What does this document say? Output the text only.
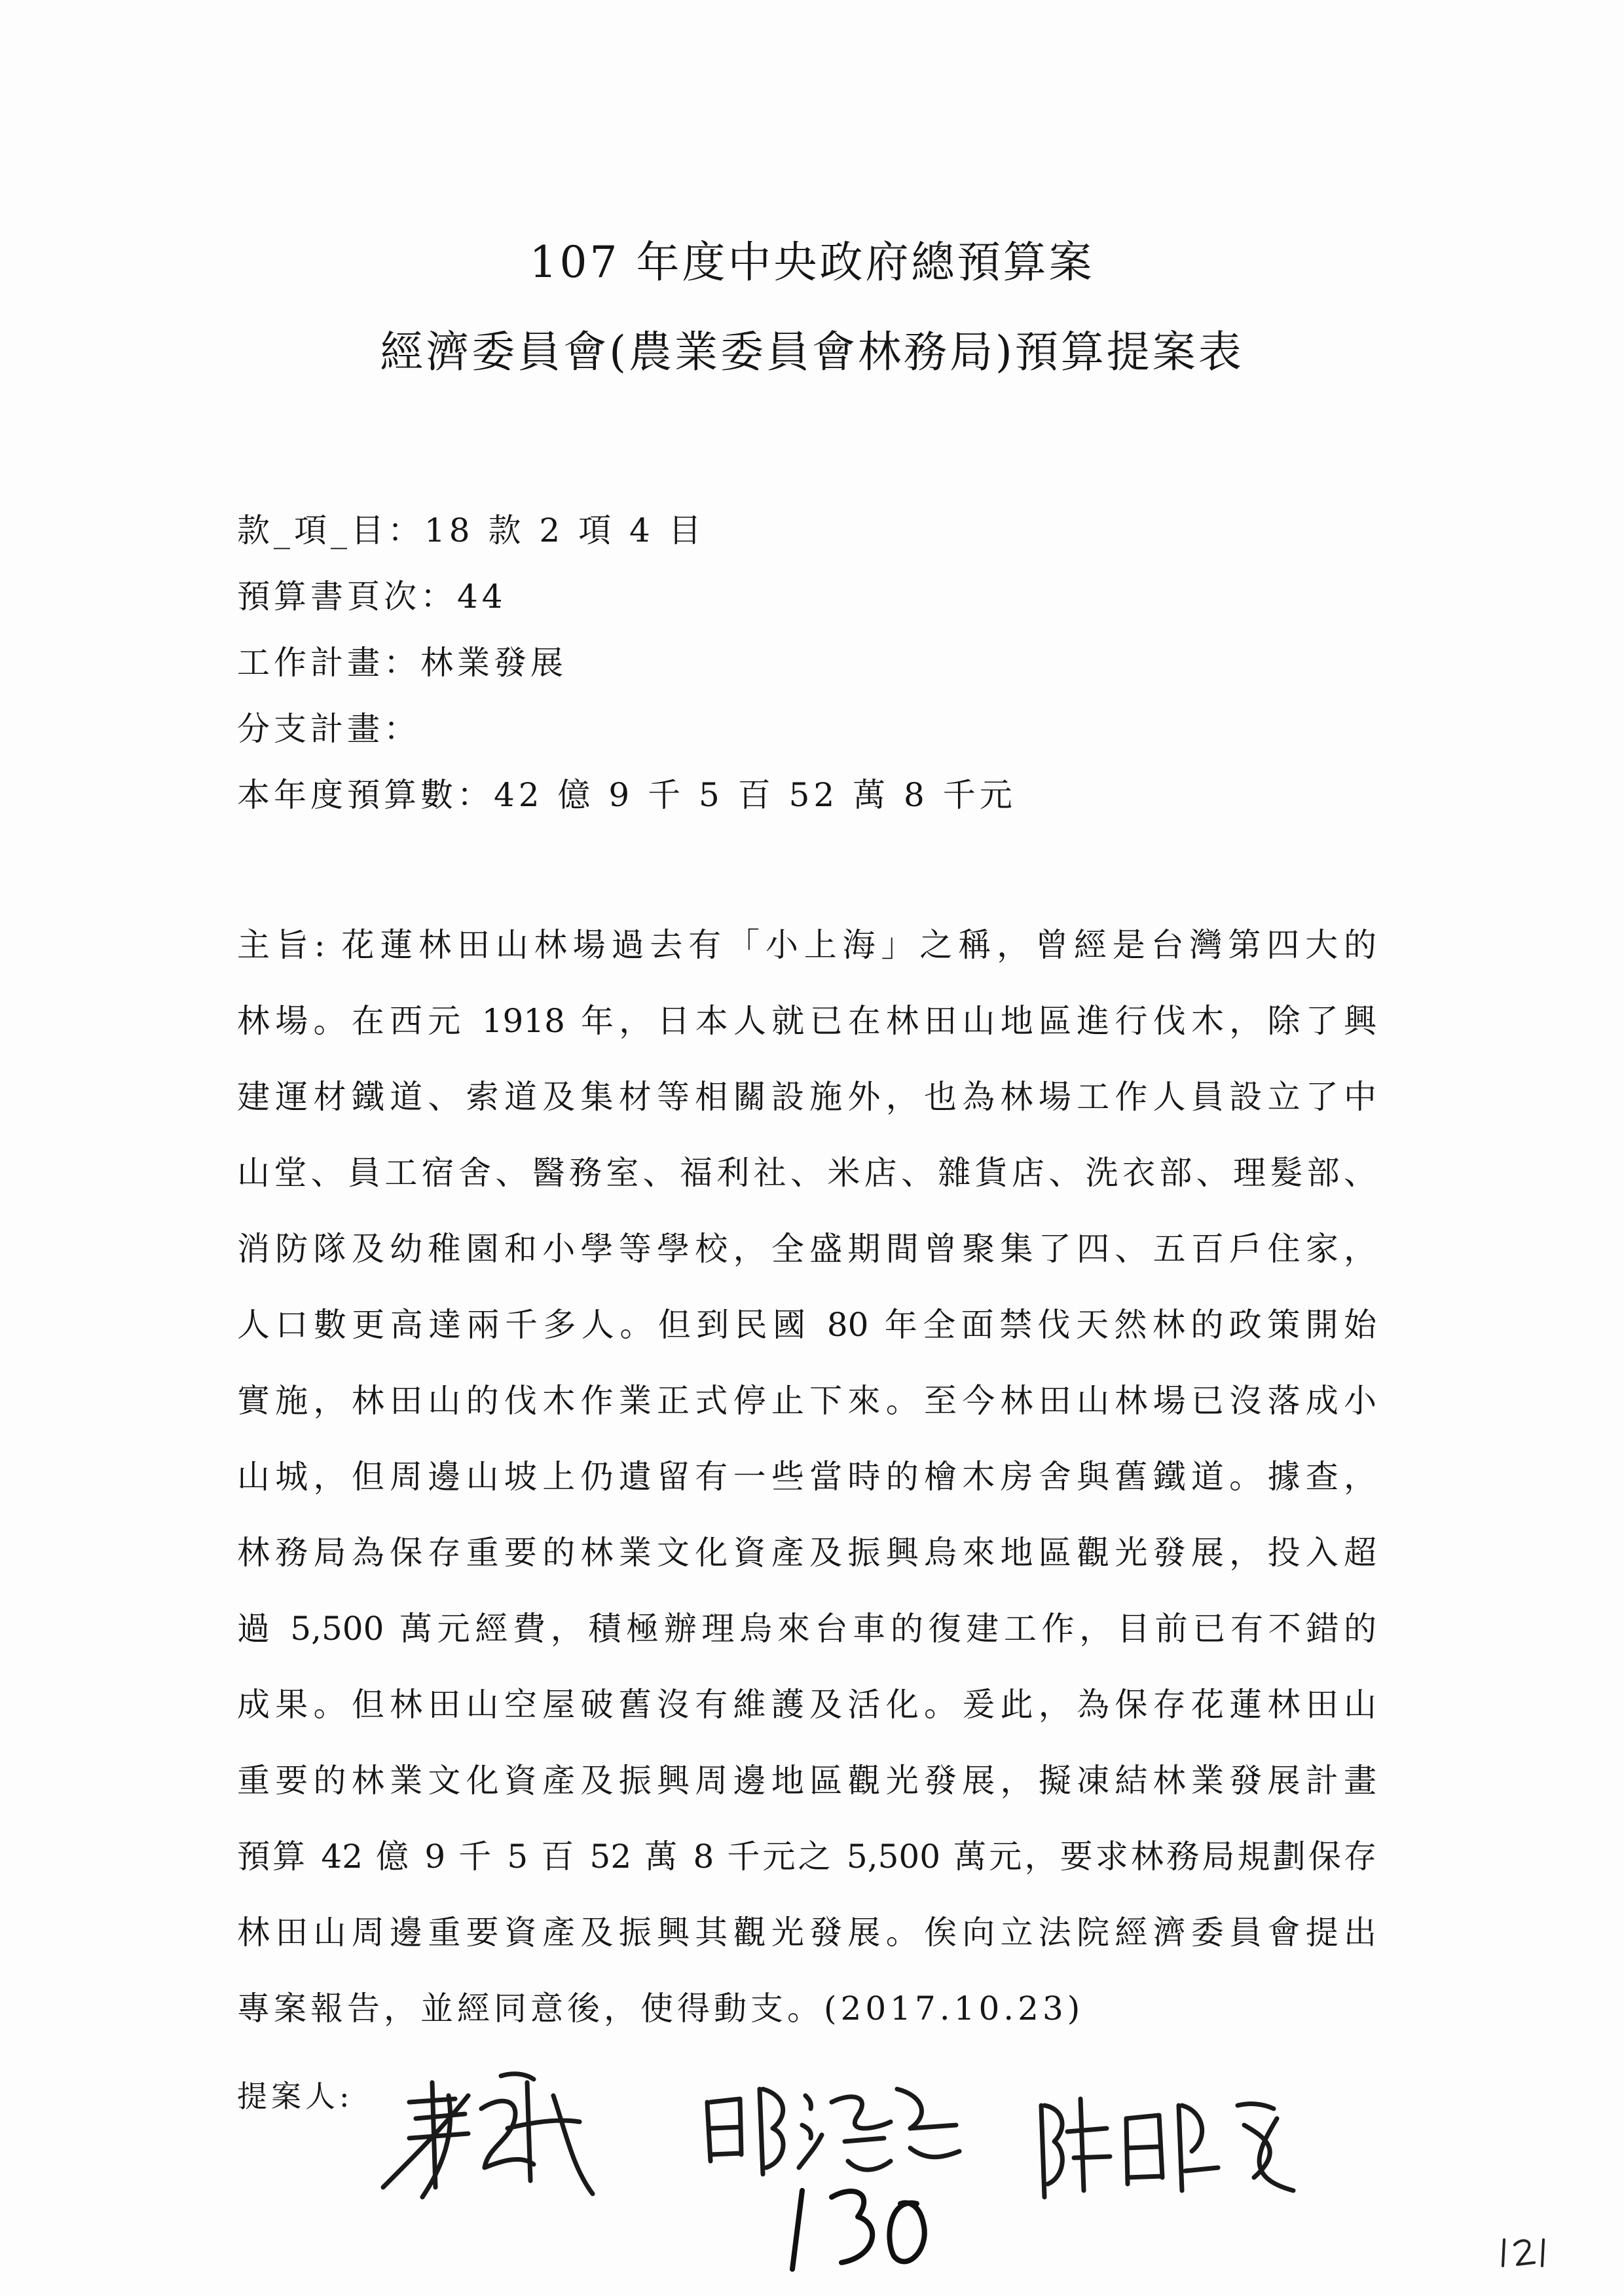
107 年度中央政府總預算案
經濟委員會(農業委員會林務局)預算提案表
款_項_目：18 款 2 項 4 目
預算書頁次：44
工作計畫：林業發展
分支計畫：
本年度預算數：42 億 9 千 5 百 52 萬 8 千元
主旨: 花蓮林田山林場過去有「小上海」之稱，曾經是台灣第四大的
林場。在西元 1918 年，日本人就已在林田山地區進行伐木，除了興
建運材鐵道、索道及集材等相關設施外，也為林場工作人員設立了中
山堂、員工宿舍、醫務室、福利社、米店、雜貨店、洗衣部、理髮部、
消防隊及幼稚園和小學等學校，全盛期間曾聚集了四、五百戶住家，
人口數更高達兩千多人。但到民國 80 年全面禁伐天然林的政策開始
實施，林田山的伐木作業正式停止下來。至今林田山林場已沒落成小
山城，但周邊山坡上仍遺留有一些當時的檜木房舍與舊鐵道。據查，
林務局為保存重要的林業文化資產及振興烏來地區觀光發展，投入超
過 5,500 萬元經費，積極辦理烏來台車的復建工作，目前已有不錯的
成果。但林田山空屋破舊沒有維護及活化。爰此，為保存花蓮林田山
重要的林業文化資產及振興周邊地區觀光發展，擬凍結林業發展計畫
預算 42 億 9 千 5 百 52 萬 8 千元之 5,500 萬元，要求林務局規劃保存
林田山周邊重要資產及振興其觀光發展。俟向立法院經濟委員會提出
專案報告，並經同意後，使得動支。(2017.10.23)
提案人:
